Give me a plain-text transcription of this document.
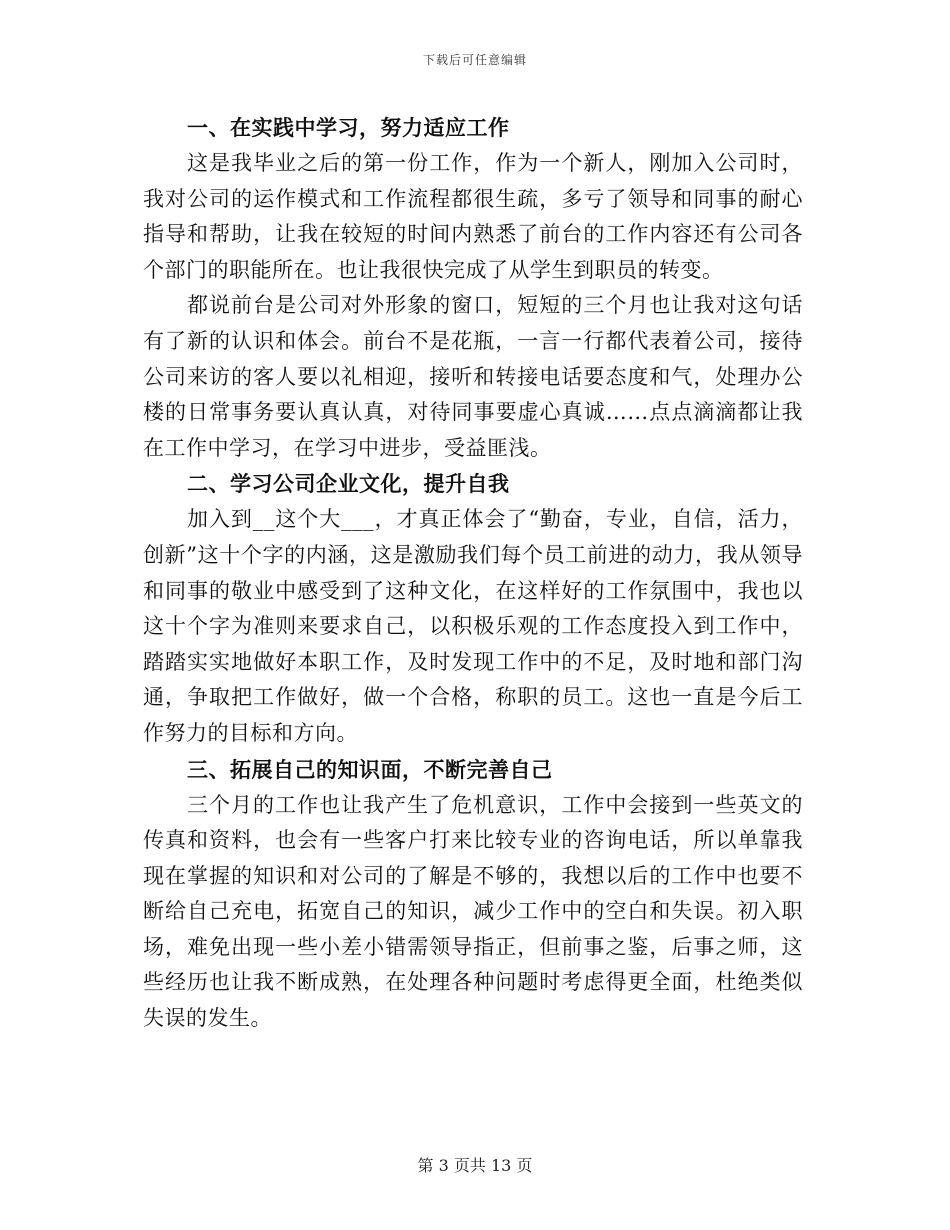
下载后可任意编辑
一、在实践中学习，努力适应工作

这是我毕业之后的第一份工作，作为一个新人，刚加入公司时，我对公司的运作模式和工作流程都很生疏，多亏了领导和同事的耐心指导和帮助，让我在较短的时间内熟悉了前台的工作内容还有公司各个部门的职能所在。也让我很快完成了从学生到职员的转变。

都说前台是公司对外形象的窗口，短短的三个月也让我对这句话有了新的认识和体会。前台不是花瓶，一言一行都代表着公司，接待公司来访的客人要以礼相迎，接听和转接电话要态度和气，处理办公楼的日常事务要认真认真，对待同事要虚心真诚……点点滴滴都让我在工作中学习，在学习中进步，受益匪浅。

二、学习公司企业文化，提升自我

加入到__这个大___，才真正体会了“勤奋，专业，自信，活力，创新”这十个字的内涵，这是激励我们每个员工前进的动力，我从领导和同事的敬业中感受到了这种文化，在这样好的工作氛围中，我也以这十个字为准则来要求自己，以积极乐观的工作态度投入到工作中，踏踏实实地做好本职工作，及时发现工作中的不足，及时地和部门沟通，争取把工作做好，做一个合格，称职的员工。这也一直是今后工作努力的目标和方向。

三、拓展自己的知识面，不断完善自己

三个月的工作也让我产生了危机意识，工作中会接到一些英文的传真和资料，也会有一些客户打来比较专业的咨询电话，所以单靠我现在掌握的知识和对公司的了解是不够的，我想以后的工作中也要不断给自己充电，拓宽自己的知识，减少工作中的空白和失误。初入职场，难免出现一些小差小错需领导指正，但前事之鉴，后事之师，这些经历也让我不断成熟，在处理各种问题时考虑得更全面，杜绝类似失误的发生。

第 3 页共 13 页
